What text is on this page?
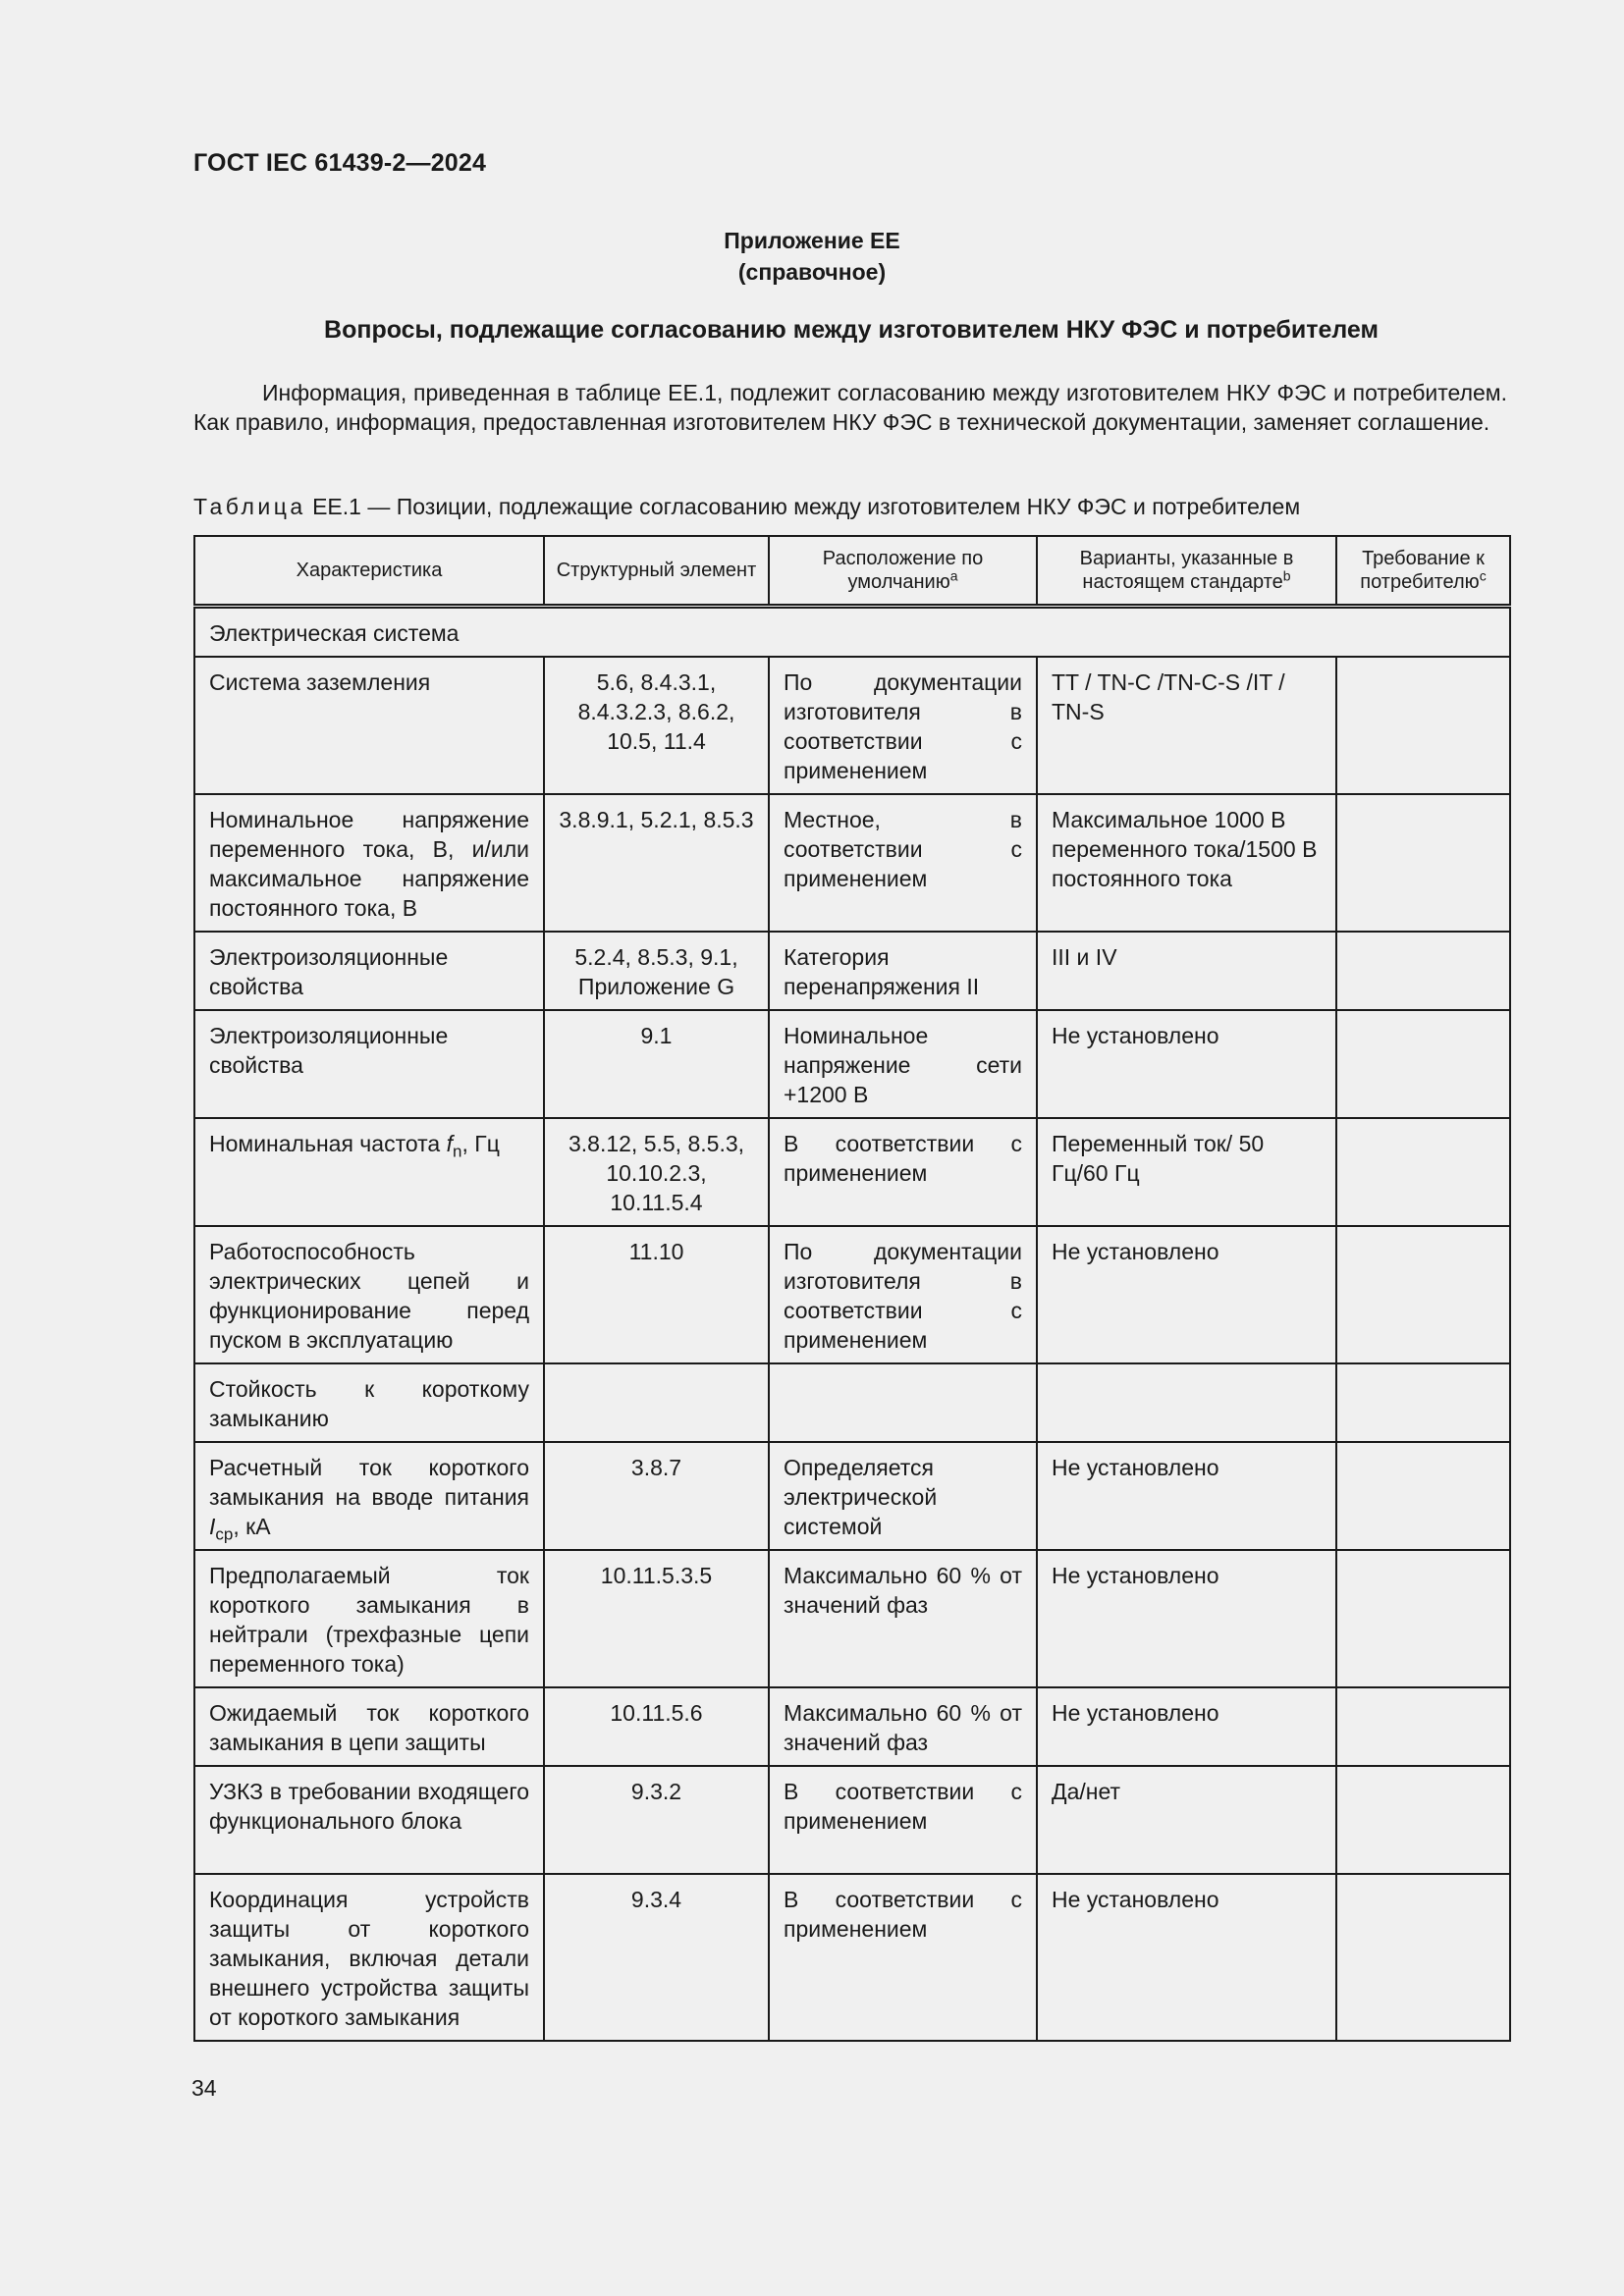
ГОСТ IEC 61439-2—2024
Приложение ЕЕ
(справочное)
Вопросы, подлежащие согласованию между изготовителем НКУ ФЭС и потребителем

Информация, приведенная в таблице ЕЕ.1, подлежит согласованию между изготовителем НКУ ФЭС и потребителем. Как правило, информация, предоставленная изготовителем НКУ ФЭС в технической документации, заменяет соглашение.

Таблица ЕЕ.1 — Позиции, подлежащие согласованию между изготовителем НКУ ФЭС и потребителем
Характеристика	Структурный элемент	Расположение по умолчанию$^a$	Варианты, указанные в настоящем стандарте$^b$	Требование к потребителю$^c$
Электрическая система				
Система заземления	5.6, 8.4.3.1, 8.4.3.2.3, 8.6.2, 10.5, 11.4	По документации изготовителя в соответствии с применением	TT / TN-C /TN-C-S /IT / TN-S	
Номинальное напряжение переменного тока, В, и/или максимальное напряжение постоянного тока, В	3.8.9.1, 5.2.1, 8.5.3	Местное, в соответствии с применением	Максимальное 1000 В переменного тока/1500 В постоянного тока	
Электроизоляционные свойства	5.2.4, 8.5.3, 9.1, Приложение G	Категория перенапряжения II	III и IV	
Электроизоляционные свойства	9.1	Номинальное напряжение сети +1200 В	Не установлено	
Номинальная частота $f_n$, Гц	3.8.12, 5.5, 8.5.3, 10.10.2.3, 10.11.5.4	В соответствии с применением	Переменный ток/ 50 Гц/60 Гц	
Работоспособность электрических цепей и функционирование перед пуском в эксплуатацию	11.10	По документации изготовителя в соответствии с применением	Не установлено	
Стойкость к короткому замыканию				
Расчетный ток короткого замыкания на вводе питания $I_{cp}$, кА	3.8.7	Определяется электрической системой	Не установлено	
Предполагаемый ток короткого замыкания в нейтрали (трехфазные цепи переменного тока)	10.11.5.3.5	Максимально 60 % от значений фаз	Не установлено	
Ожидаемый ток короткого замыкания в цепи защиты	10.11.5.6	Максимально 60 % от значений фаз	Не установлено	
УЗКЗ в требовании входящего функционального блока	9.3.2	В соответствии с применением	Да/нет	
Координация устройств защиты от короткого замыкания, включая детали внешнего устройства защиты от короткого замыкания	9.3.4	В соответствии с применением	Не установлено	
34
